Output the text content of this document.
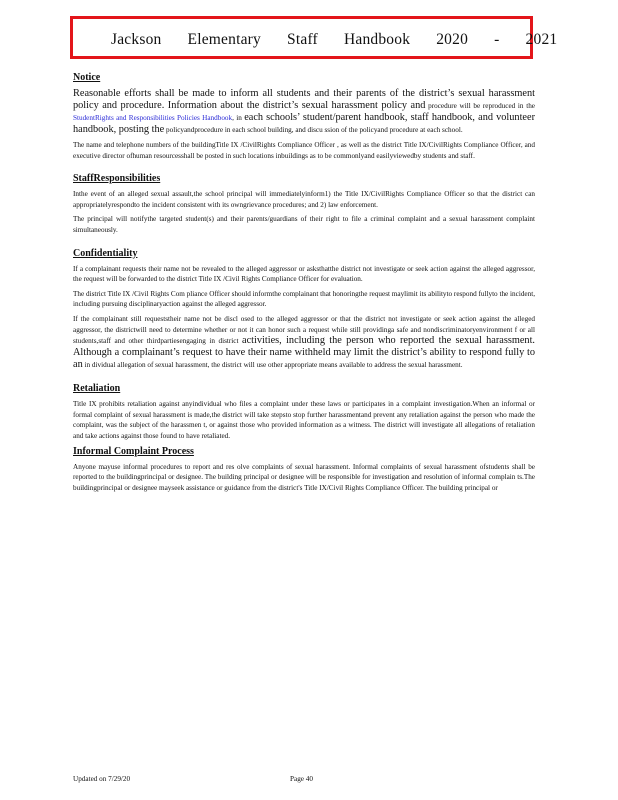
Jackson Elementary Staff Handbook 2020 - 2021

Notice

Reasonable efforts shall be made to inform all students and their parents of the district’s sexual harassment policy and procedure. Information about the district’s sexual harassment policy and procedure will be reproduced in the StudentRights and Responsibilities Policies Handbook, in each schools’ student/parent handbook, staff handbook, and volunteer handbook, posting the policyandprocedure in each school building, and discu ssion of the policyand procedure at each school.

The name and telephone numbers of the buildingTitle IX /CivilRights Compliance Officer , as well as the district Title IX/CivilRights Compliance Officer, and executive director ofhuman resourcesshall be posted in such locations inbuildings as to be commonlyand easilyviewedby students and staff.

StaffResponsibilities

Inthe event of an alleged sexual assault,the school principal will immediatelyinform1) the Title IX/CivilRights Compliance Officer so that the district can appropriatelyrespondto the incident consistent with its owngrievance procedures; and 2) law enforcement.

The principal will notifythe targeted student(s) and their parents/guardians of their right to file a criminal complaint and a sexual harassment complaint simultaneously.

Confidentiality

If a complainant requests their name not be revealed to the alleged aggressor or asksthatthe district not investigate or seek action against the alleged aggressor, the request will be forwarded to the district Title IX /Civil Rights Compliance Officer for evaluation.

The district Title IX /Civil Rights Com pliance Officer should informthe complainant that honoringthe request maylimit its abilityto respond fullyto the incident, including pursuing disciplinaryaction against the alleged aggressor.

If the complainant still requeststheir name not be discl osed to the alleged aggressor or that the district not investigate or seek action against the alleged aggressor, the districtwill need to determine whether or not it can honor such a request while still providinga safe and nondiscriminatoryenvironment f or all students,staff and other thirdpartiesengaging in district activities, including the person who reported the sexual harassment. Although a complainant’s request to have their name withheld may limit the district’s ability to respond fully to an in dividual allegation of sexual harassment, the district will use other appropriate means available to address the sexual harassment.

Retaliation

Title IX prohibits retaliation against anyindividual who files a complaint under these laws or participates in a complaint investigation.When an informal or formal complaint of sexual harassment is made,the district will take stepsto stop further harassmentand prevent any retaliation against the person who made the complaint, was the subject of the harassmen t, or against those who provided information as a witness. The district will investigate all allegations of retaliation and take actions against those found to have retaliated.

Informal Complaint Process

Anyone mayuse informal procedures to report and res olve complaints of sexual harassment. Informal complaints of sexual harassment ofstudents shall be reported to the buildingprincipal or designee. The building principal or designee will be responsible for investigation and resolution of informal complain ts.The buildingprincipal or designee mayseek assistance or guidance from the district's Title IX/Civil Rights Compliance Officer. The building principal or

Updated on 7/29/20	Page 40
